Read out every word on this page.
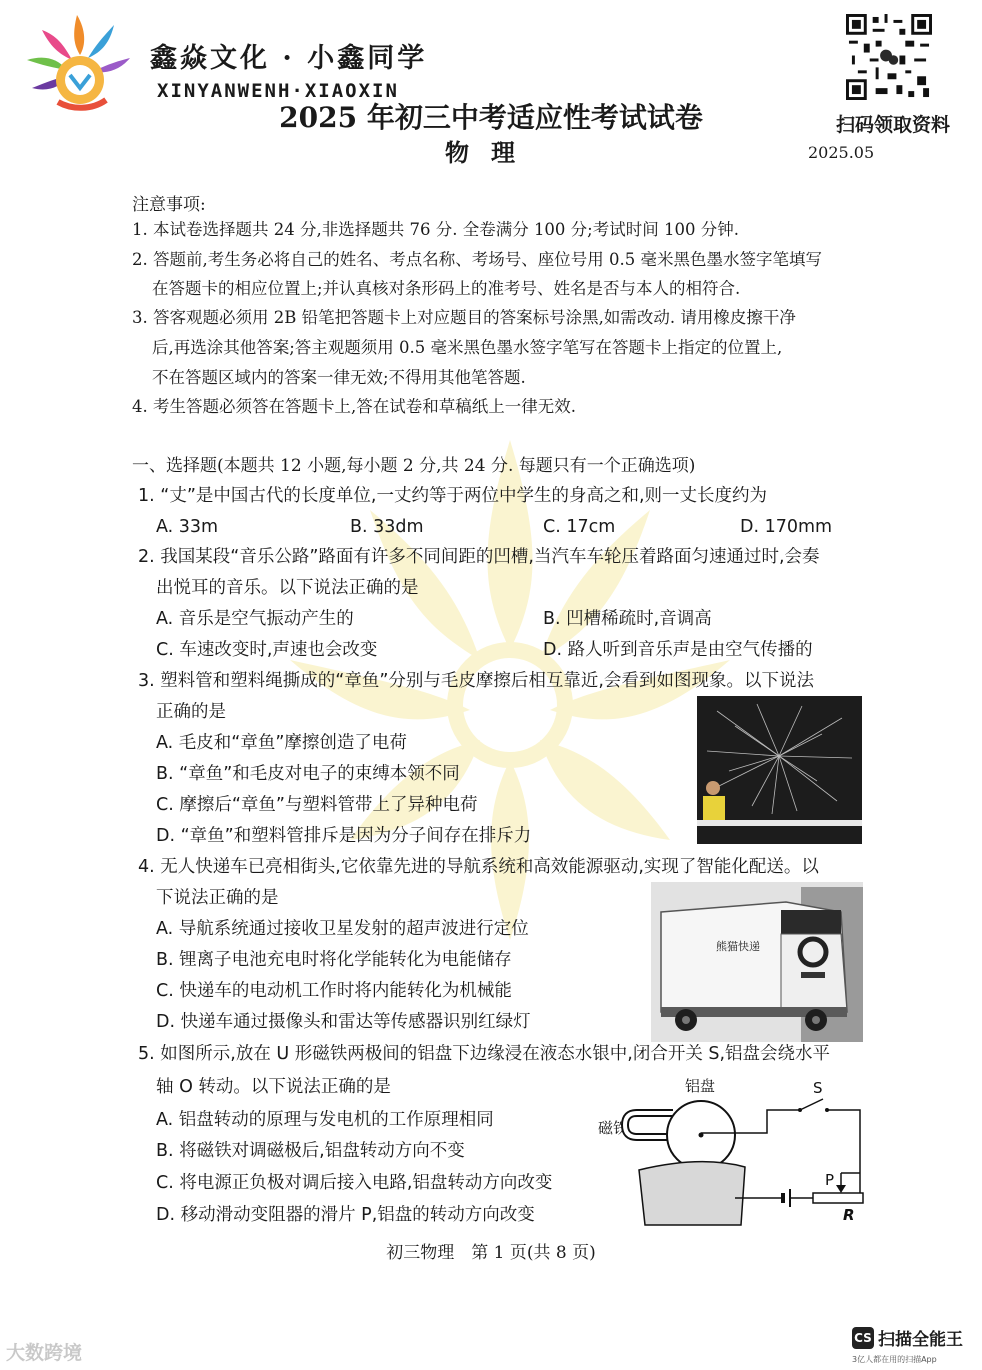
鑫焱文化 · 小鑫同学
XINYANWENH·XIAOXIN
扫码领取资料
2025 年初三中考适应性考试试卷
物理	2025.05
注意事项:
1. 本试卷选择题共 24 分,非选择题共 76 分. 全卷满分 100 分;考试时间 100 分钟.
2. 答题前,考生务必将自己的姓名、考点名称、考场号、座位号用 0.5 毫米黑色墨水签字笔填写
在答题卡的相应位置上;并认真核对条形码上的准考号、姓名是否与本人的相符合.
3. 答客观题必须用 2B 铅笔把答题卡上对应题目的答案标号涂黑,如需改动. 请用橡皮擦干净
后,再选涂其他答案;答主观题须用 0.5 毫米黑色墨水签字笔写在答题卡上指定的位置上,
不在答题区域内的答案一律无效;不得用其他笔答题.
4. 考生答题必须答在答题卡上,答在试卷和草稿纸上一律无效.
一、选择题(本题共 12 小题,每小题 2 分,共 24 分. 每题只有一个正确选项)
1. “丈”是中国古代的长度单位,一丈约等于两位中学生的身高之和,则一丈长度约为
A. 33m	B. 33dm	C. 17cm	D. 170mm
2. 我国某段“音乐公路”路面有许多不同间距的凹槽,当汽车车轮压着路面匀速通过时,会奏
出悦耳的音乐。以下说法正确的是
A. 音乐是空气振动产生的	B. 凹槽稀疏时,音调高
C. 车速改变时,声速也会改变	D. 路人听到音乐声是由空气传播的
3. 塑料管和塑料绳撕成的“章鱼”分别与毛皮摩擦后相互靠近,会看到如图现象。以下说法
正确的是
A. 毛皮和“章鱼”摩擦创造了电荷
B. “章鱼”和毛皮对电子的束缚本领不同
C. 摩擦后“章鱼”与塑料管带上了异种电荷
D. “章鱼”和塑料管排斥是因为分子间存在排斥力
4. 无人快递车已亮相街头,它依靠先进的导航系统和高效能源驱动,实现了智能化配送。以
下说法正确的是
A. 导航系统通过接收卫星发射的超声波进行定位
B. 锂离子电池充电时将化学能转化为电能储存
C. 快递车的电动机工作时将内能转化为机械能
D. 快递车通过摄像头和雷达等传感器识别红绿灯
熊猫快递
5. 如图所示,放在 U 形磁铁两极间的铝盘下边缘浸在液态水银中,闭合开关 S,铝盘会绕水平
轴 O 转动。以下说法正确的是
A. 铝盘转动的原理与发电机的工作原理相同
B. 将磁铁对调磁极后,铝盘转动方向不变
C. 将电源正负极对调后接入电路,铝盘转动方向改变
D. 移动滑动变阻器的滑片 P,铝盘的转动方向改变
铝盘
磁铁
S
P
R
初三物理　第 1 页(共 8 页)
CS 扫描全能王
3亿人都在用的扫描App
大数跨境
